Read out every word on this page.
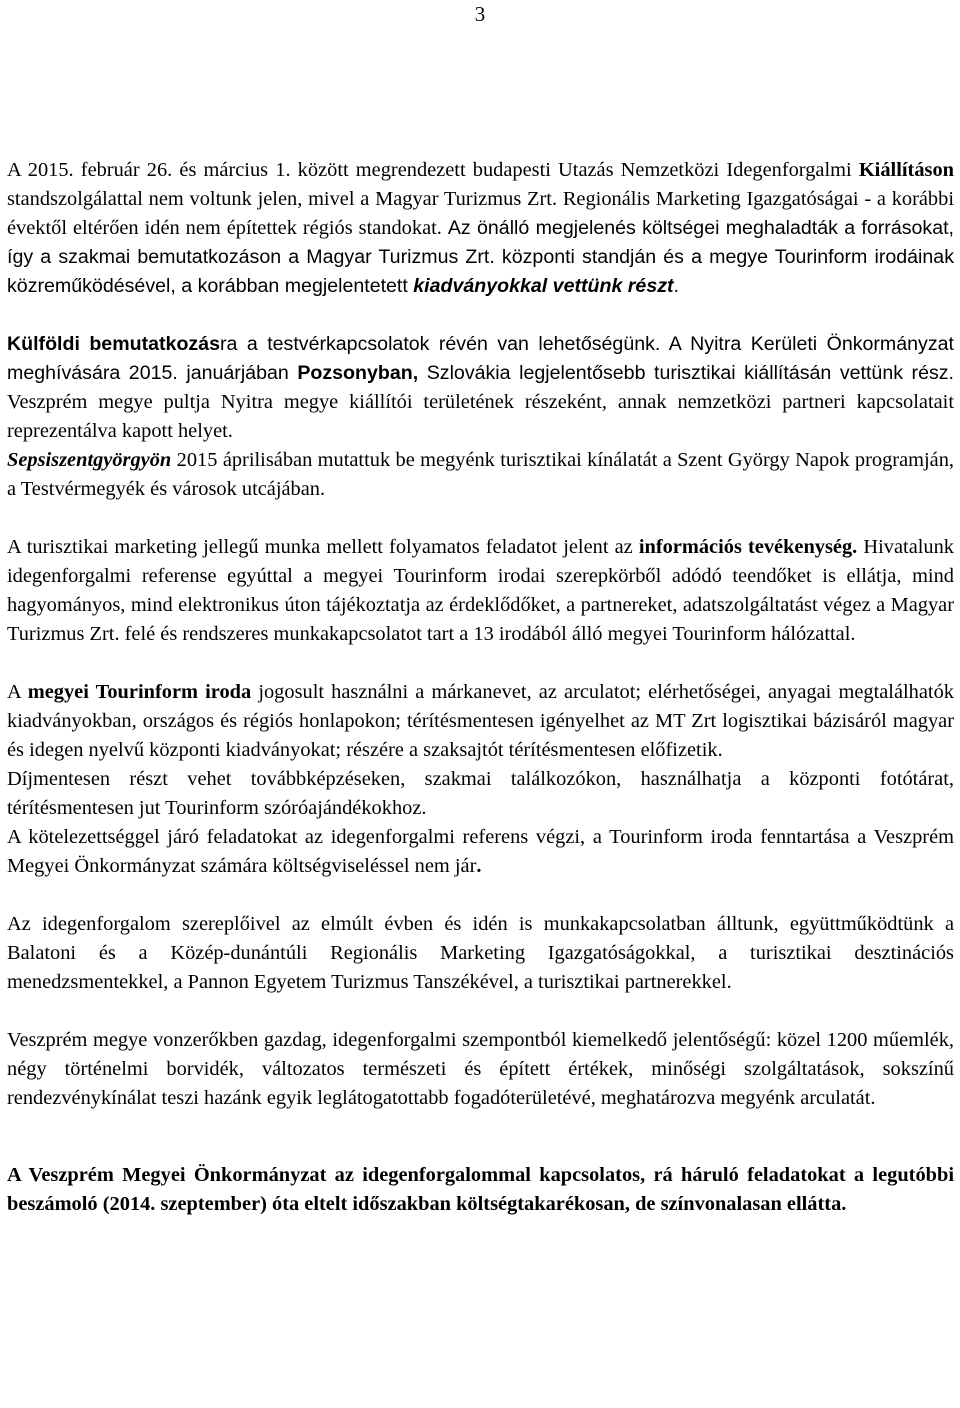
3

A 2015. február 26. és március 1. között megrendezett budapesti Utazás Nemzetközi Idegenforgalmi Kiállításon standszolgálattal nem voltunk jelen, mivel a Magyar Turizmus Zrt. Regionális Marketing Igazgatóságai - a korábbi évektől eltérően idén nem építettek régiós standokat. Az önálló megjelenés költségei meghaladták a forrásokat, így a szakmai bemutatkozáson a Magyar Turizmus Zrt. központi standján és a megye Tourinform irodáinak közreműködésével, a korábban megjelentetett kiadványokkal vettünk részt.

Külföldi bemutatkozásra a testvérkapcsolatok révén van lehetőségünk. A Nyitra Kerületi Önkormányzat meghívására 2015. januárjában Pozsonyban, Szlovákia legjelentősebb turisztikai kiállításán vettünk rész. Veszprém megye pultja Nyitra megye kiállítói területének részeként, annak nemzetközi partneri kapcsolatait reprezentálva kapott helyet.
Sepsiszentgyörgyön 2015 áprilisában mutattuk be megyénk turisztikai kínálatát a Szent György Napok programján, a Testvérmegyék és városok utcájában.

A turisztikai marketing jellegű munka mellett folyamatos feladatot jelent az információs tevékenység. Hivatalunk idegenforgalmi referense egyúttal a megyei Tourinform irodai szerepkörből adódó teendőket is ellátja, mind hagyományos, mind elektronikus úton tájékoztatja az érdeklődőket, a partnereket, adatszolgáltatást végez a Magyar Turizmus Zrt. felé és rendszeres munkakapcsolatot tart a 13 irodából álló megyei Tourinform hálózattal.

A megyei Tourinform iroda jogosult használni a márkanevet, az arculatot; elérhetőségei, anyagai megtalálhatók kiadványokban, országos és régiós honlapokon; térítésmentesen igényelhet az MT Zrt logisztikai bázisáról magyar és idegen nyelvű központi kiadványokat; részére a szaksajtót térítésmentesen előfizetik.

Díjmentesen részt vehet továbbképzéseken, szakmai találkozókon, használhatja a központi fotótárat, térítésmentesen jut Tourinform szóróajándékokhoz.

A kötelezettséggel járó feladatokat az idegenforgalmi referens végzi, a Tourinform iroda fenntartása a Veszprém Megyei Önkormányzat számára költségviseléssel nem jár.

Az idegenforgalom szereplőivel az elmúlt évben és idén is munkakapcsolatban álltunk, együttműködtünk a Balatoni és a Közép-dunántúli Regionális Marketing Igazgatóságokkal, a turisztikai desztinációs menedzsmentekkel, a Pannon Egyetem Turizmus Tanszékével, a turisztikai partnerekkel.

Veszprém megye vonzerőkben gazdag, idegenforgalmi szempontból kiemelkedő jelentőségű: közel 1200 műemlék, négy történelmi borvidék, változatos természeti és épített értékek, minőségi szolgáltatások, sokszínű rendezvénykínálat teszi hazánk egyik leglátogatottabb fogadóterületévé, meghatározva megyénk arculatát.

A Veszprém Megyei Önkormányzat az idegenforgalommal kapcsolatos, rá háruló feladatokat a legutóbbi beszámoló (2014. szeptember) óta eltelt időszakban költségtakarékosan, de színvonalasan ellátta.
